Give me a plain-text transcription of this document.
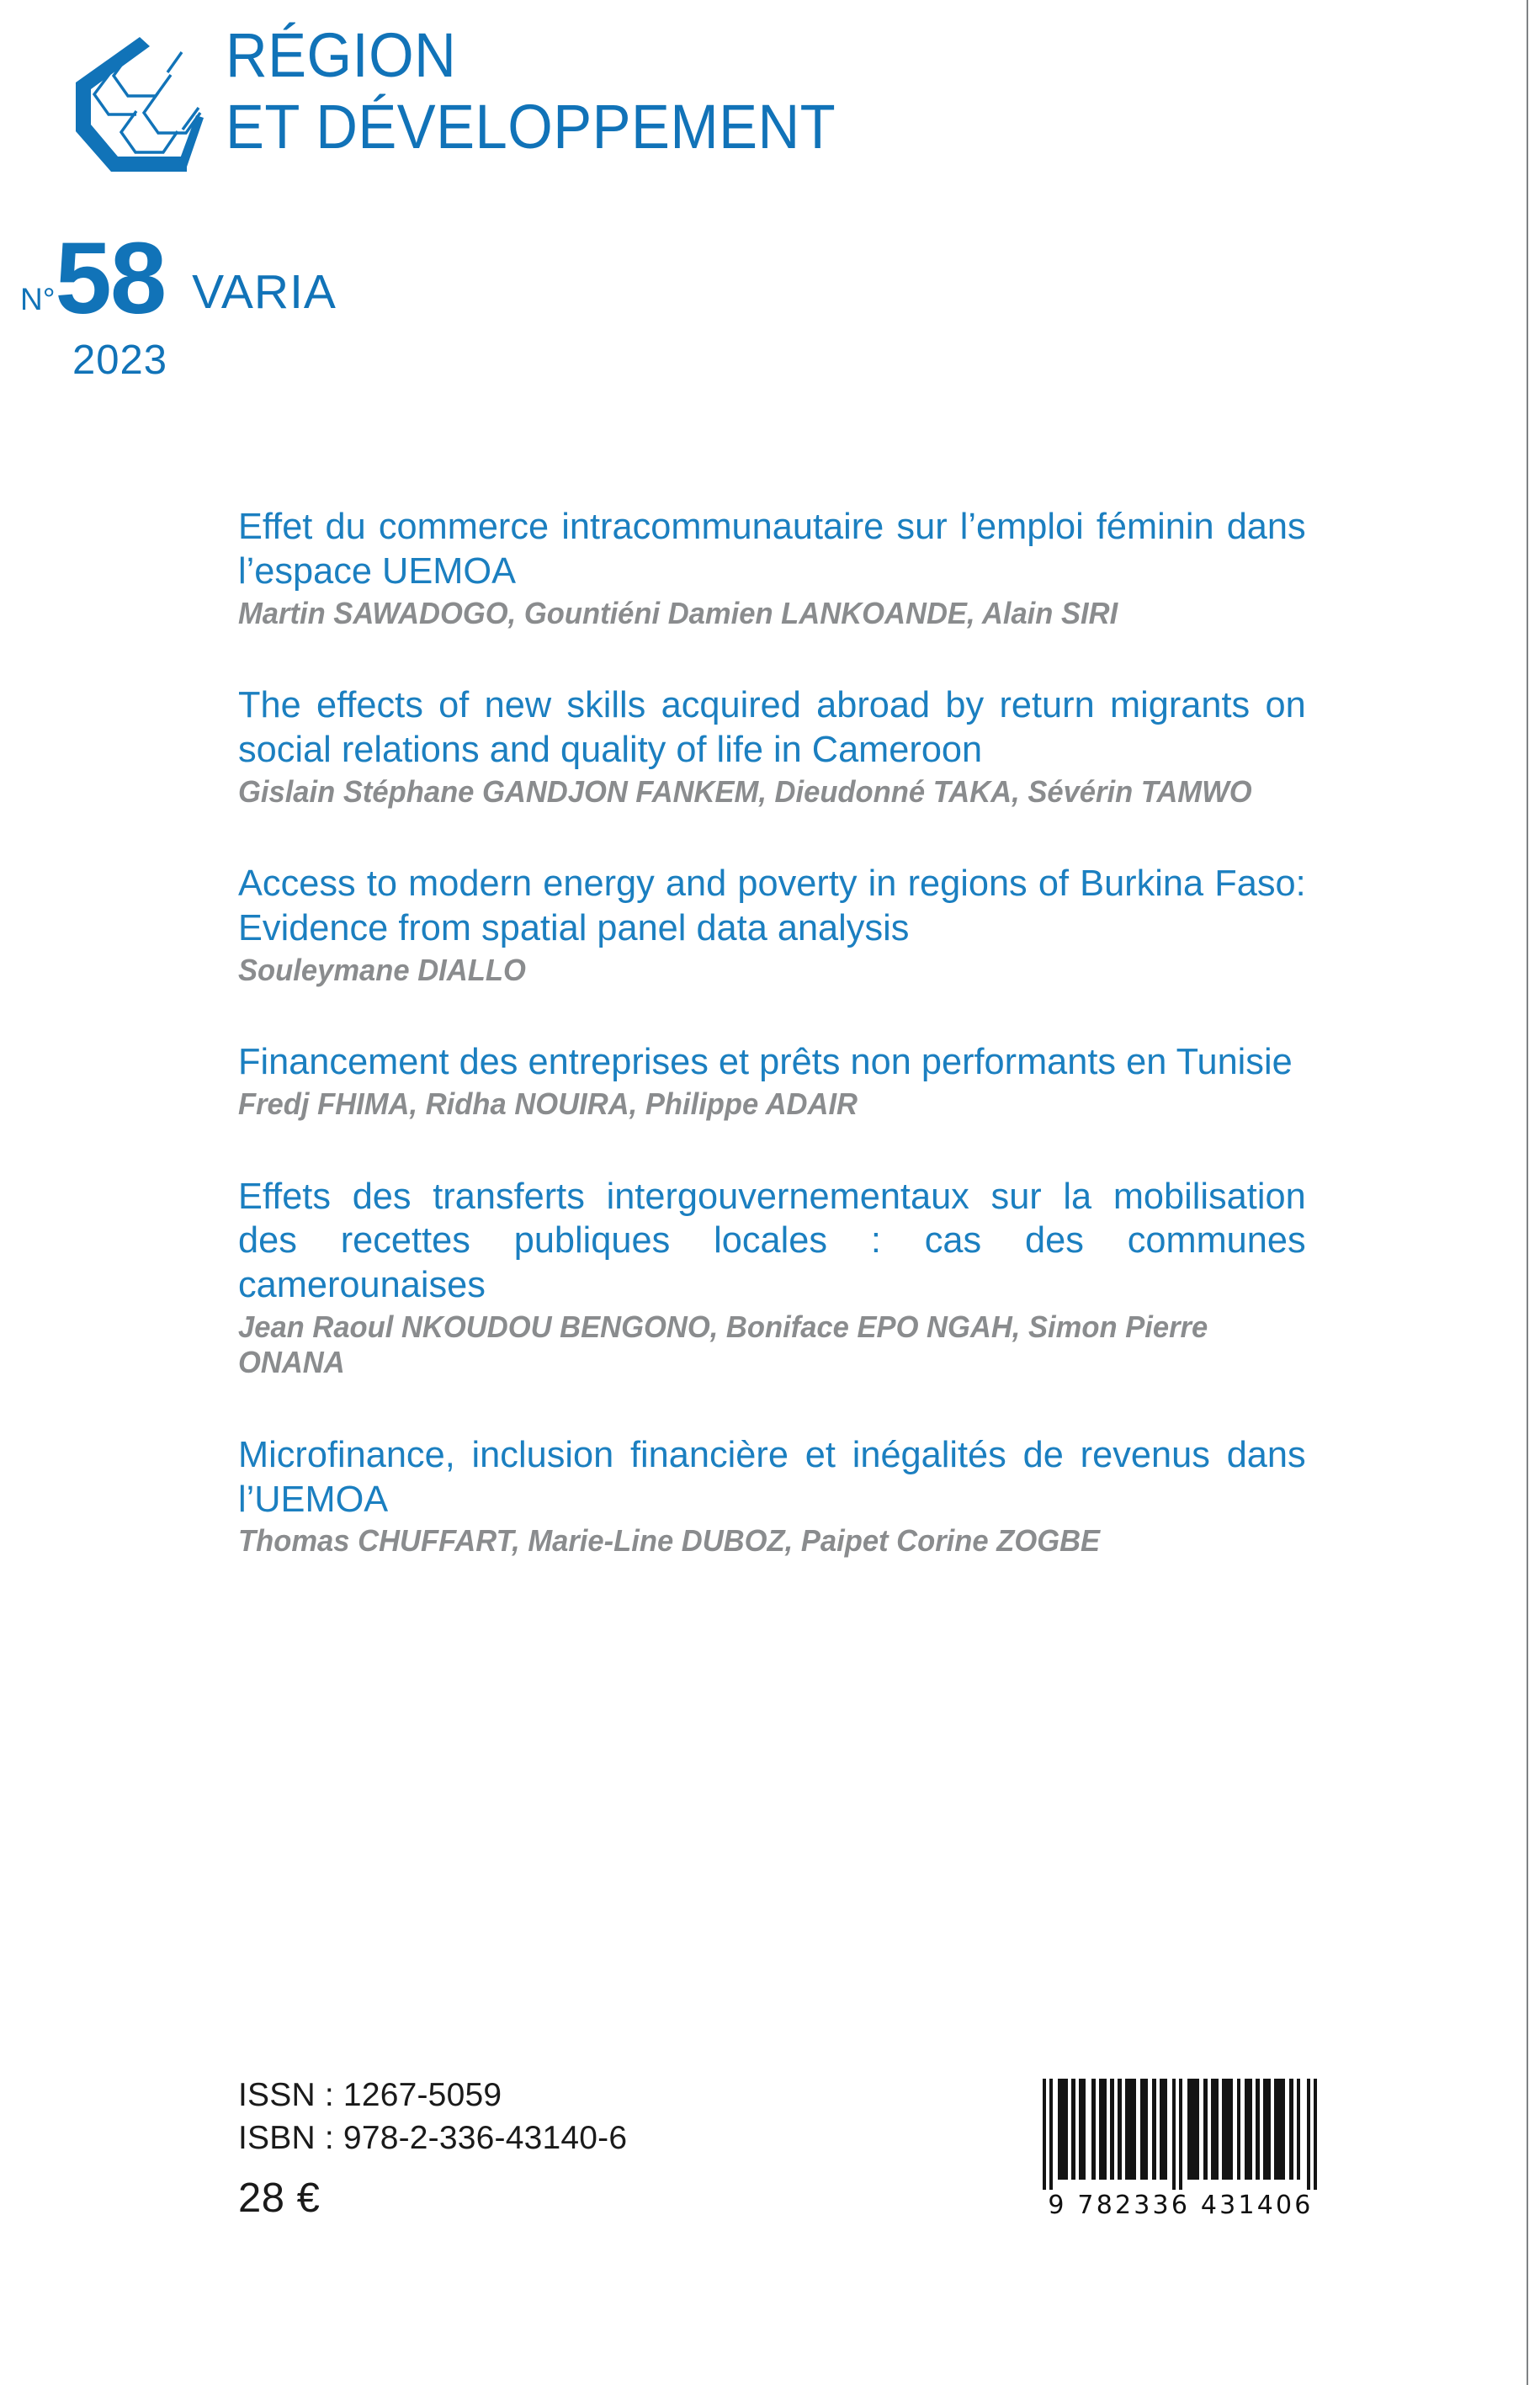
RÉGION
ET DÉVELOPPEMENT
N° 58 VARIA
2023

Effet du commerce intracommunautaire sur l’emploi féminin dans l’espace UEMOA

Martin SAWADOGO, Gountiéni Damien LANKOANDE, Alain SIRI

The effects of new skills acquired abroad by return migrants on social relations and quality of life in Cameroon

Gislain Stéphane GANDJON FANKEM, Dieudonné TAKA, Sévérin TAMWO

Access to modern energy and poverty in regions of Burkina Faso: Evidence from spatial panel data analysis

Souleymane DIALLO

Financement des entreprises et prêts non performants en Tunisie

Fredj FHIMA, Ridha NOUIRA, Philippe ADAIR

Effets des transferts intergouvernementaux sur la mobilisation des recettes publiques locales : cas des communes camerounaises

Jean Raoul NKOUDOU BENGONO, Boniface EPO NGAH, Simon Pierre ONANA

Microfinance, inclusion financière et inégalités de revenus dans l’UEMOA

Thomas CHUFFART, Marie-Line DUBOZ, Paipet Corine ZOGBE

ISSN : 1267-5059
ISBN : 978-2-336-43140-6
28 €	9 782336 431406
